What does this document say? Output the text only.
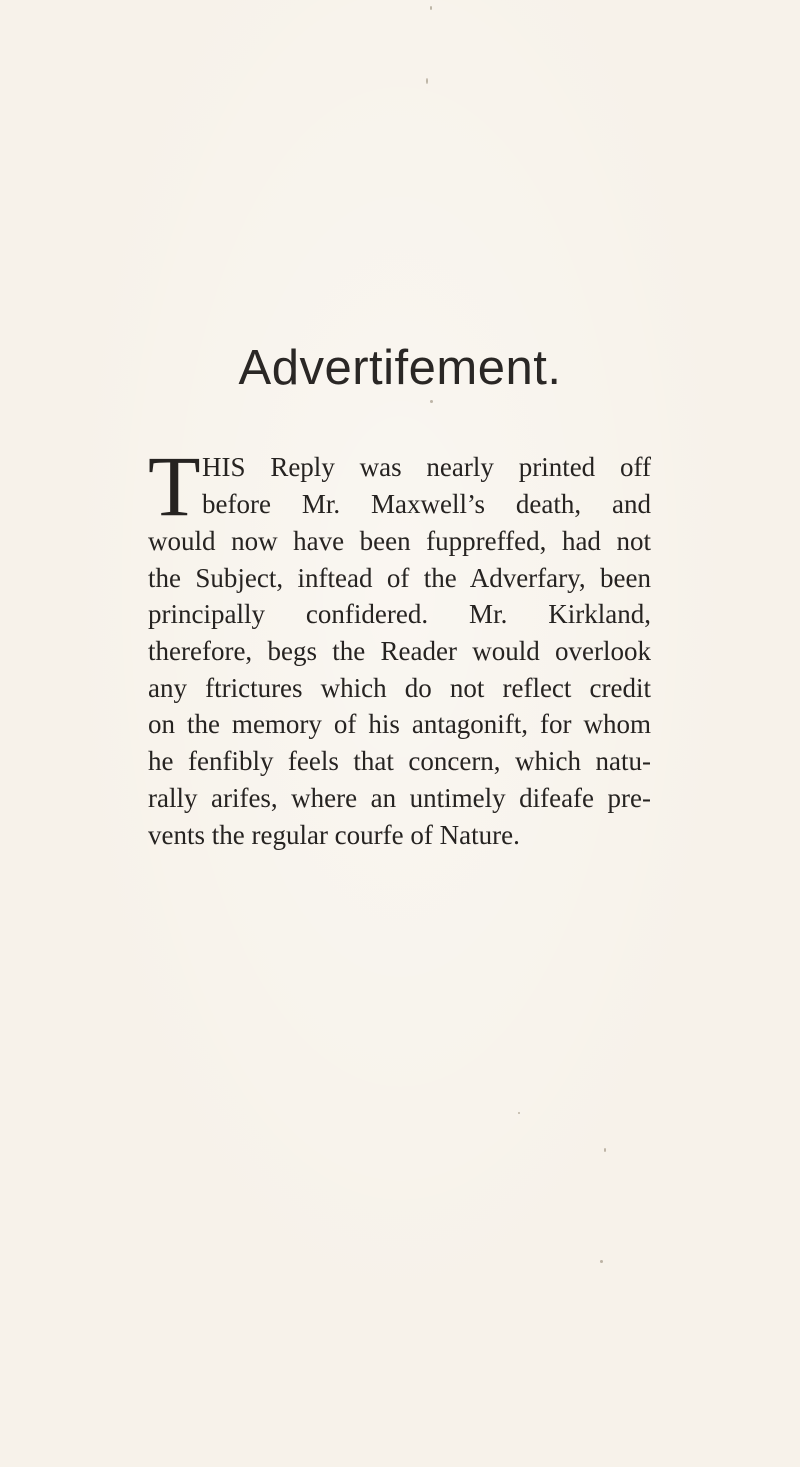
Advertifement.
T HIS Reply was nearly printed off
before Mr. Maxwell’s death, and
would now have been fuppreffed, had not
the Subject, inftead of the Adverfary, been
principally confidered. Mr. Kirkland,
therefore, begs the Reader would overlook
any ftrictures which do not reflect credit
on the memory of his antagonift, for whom
he fenfibly feels that concern, which natu-
rally arifes, where an untimely difeafe pre-
vents the regular courfe of Nature.
